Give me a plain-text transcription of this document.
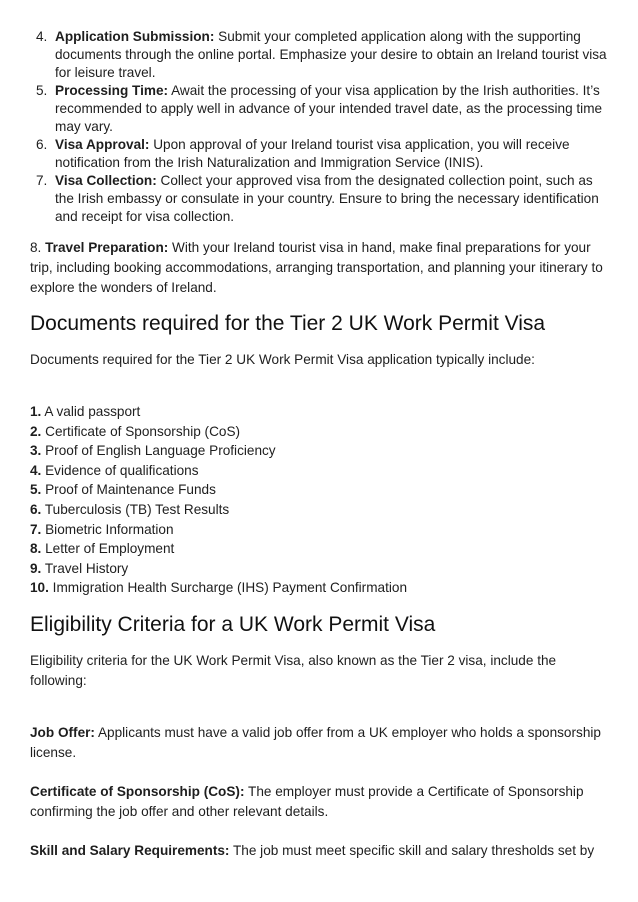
4. Application Submission: Submit your completed application along with the supporting documents through the online portal. Emphasize your desire to obtain an Ireland tourist visa for leisure travel.
5. Processing Time: Await the processing of your visa application by the Irish authorities. It’s recommended to apply well in advance of your intended travel date, as the processing time may vary.
6. Visa Approval: Upon approval of your Ireland tourist visa application, you will receive notification from the Irish Naturalization and Immigration Service (INIS).
7. Visa Collection: Collect your approved visa from the designated collection point, such as the Irish embassy or consulate in your country. Ensure to bring the necessary identification and receipt for visa collection.

8. Travel Preparation: With your Ireland tourist visa in hand, make final preparations for your trip, including booking accommodations, arranging transportation, and planning your itinerary to explore the wonders of Ireland.

Documents required for the Tier 2 UK Work Permit Visa

Documents required for the Tier 2 UK Work Permit Visa application typically include:

1. A valid passport
2. Certificate of Sponsorship (CoS)
3. Proof of English Language Proficiency
4. Evidence of qualifications
5. Proof of Maintenance Funds
6. Tuberculosis (TB) Test Results
7. Biometric Information
8. Letter of Employment
9. Travel History
10. Immigration Health Surcharge (IHS) Payment Confirmation
Eligibility Criteria for a UK Work Permit Visa

Eligibility criteria for the UK Work Permit Visa, also known as the Tier 2 visa, include the following:

Job Offer: Applicants must have a valid job offer from a UK employer who holds a sponsorship license.

Certificate of Sponsorship (CoS): The employer must provide a Certificate of Sponsorship confirming the job offer and other relevant details.

Skill and Salary Requirements: The job must meet specific skill and salary thresholds set by
